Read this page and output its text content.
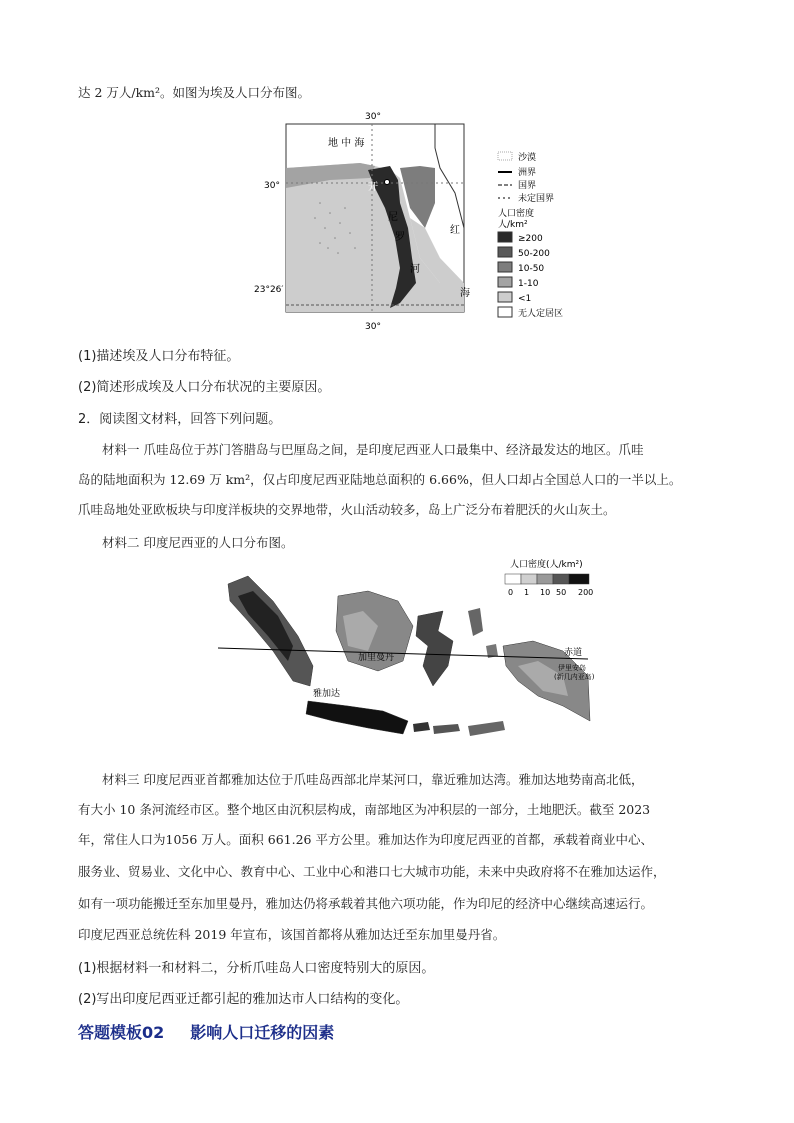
达 2 万人/km²。如图为埃及人口分布图。
30°
30°
30°
23°26′
地 中 海
开
尼
罗
河
红
海
沙漠
洲界
国界
未定国界
人口密度
人/km²
≥200
50-200
10-50
1-10
<1
无人定居区
(1)描述埃及人口分布特征。
(2)简述形成埃及人口分布状况的主要原因。
2．阅读图文材料，回答下列问题。
材料一 爪哇岛位于苏门答腊岛与巴厘岛之间，是印度尼西亚人口最集中、经济最发达的地区。爪哇
岛的陆地面积为 12.69 万 km²，仅占印度尼西亚陆地总面积的 6.66%，但人口却占全国总人口的一半以上。
爪哇岛地处亚欧板块与印度洋板块的交界地带，火山活动较多，岛上广泛分布着肥沃的火山灰土。
材料二 印度尼西亚的人口分布图。
人口密度(人/km²)
0 1 10 50 200
赤道
加里曼丹
雅加达
爪 哇 岛
伊里安岛
(新几内亚岛)
材料三 印度尼西亚首都雅加达位于爪哇岛西部北岸某河口，靠近雅加达湾。雅加达地势南高北低，
有大小 10 条河流经市区。整个地区由沉积层构成，南部地区为冲积层的一部分，土地肥沃。截至 2023
年，常住人口为1056 万人。面积 661.26 平方公里。雅加达作为印度尼西亚的首都，承载着商业中心、
服务业、贸易业、文化中心、教育中心、工业中心和港口七大城市功能，未来中央政府将不在雅加达运作，
如有一项功能搬迁至东加里曼丹，雅加达仍将承载着其他六项功能，作为印尼的经济中心继续高速运行。
印度尼西亚总统佐科 2019 年宣布，该国首都将从雅加达迁至东加里曼丹省。
(1)根据材料一和材料二，分析爪哇岛人口密度特别大的原因。
(2)写出印度尼西亚迁都引起的雅加达市人口结构的变化。
答题模板02 影响人口迁移的因素
